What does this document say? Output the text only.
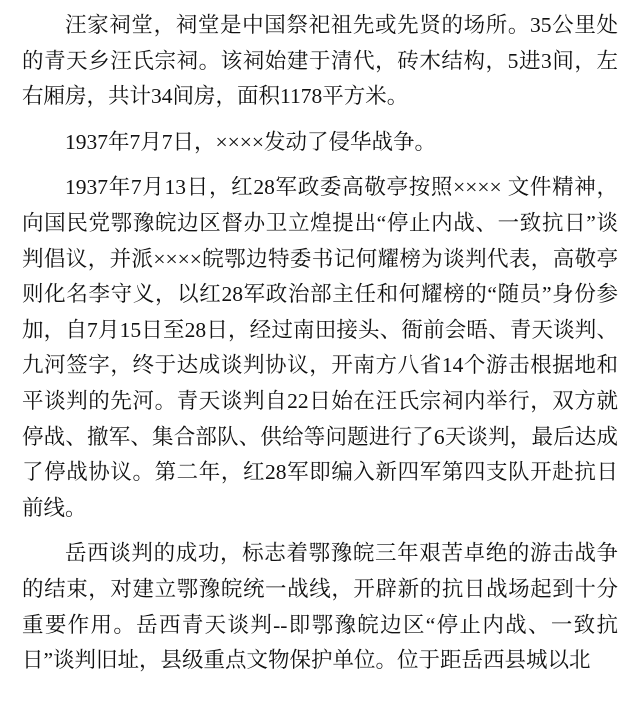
汪家祠堂，祠堂是中国祭祀祖先或先贤的场所。35公里处的青天乡汪氏宗祠。该祠始建于清代，砖木结构，5进3间，左右厢房，共计34间房，面积1178平方米。

1937年7月7日，××××发动了侵华战争。

1937年7月13日，红28军政委高敬亭按照×××× 文件精神，向国民党鄂豫皖边区督办卫立煌提出“停止内战、一致抗日”谈判倡议，并派××××皖鄂边特委书记何耀榜为谈判代表，高敬亭则化名李守义，以红28军政治部主任和何耀榜的“随员”身份参加，自7月15日至28日，经过南田接头、衙前会晤、青天谈判、九河签字，终于达成谈判协议，开南方八省14个游击根据地和平谈判的先河。青天谈判自22日始在汪氏宗祠内举行，双方就停战、撤军、集合部队、供给等问题进行了6天谈判，最后达成了停战协议。第二年，红28军即编入新四军第四支队开赴抗日前线。

岳西谈判的成功，标志着鄂豫皖三年艰苦卓绝的游击战争的结束，对建立鄂豫皖统一战线，开辟新的抗日战场起到十分重要作用。岳西青天谈判--即鄂豫皖边区“停止内战、一致抗日”谈判旧址，县级重点文物保护单位。位于距岳西县城以北
